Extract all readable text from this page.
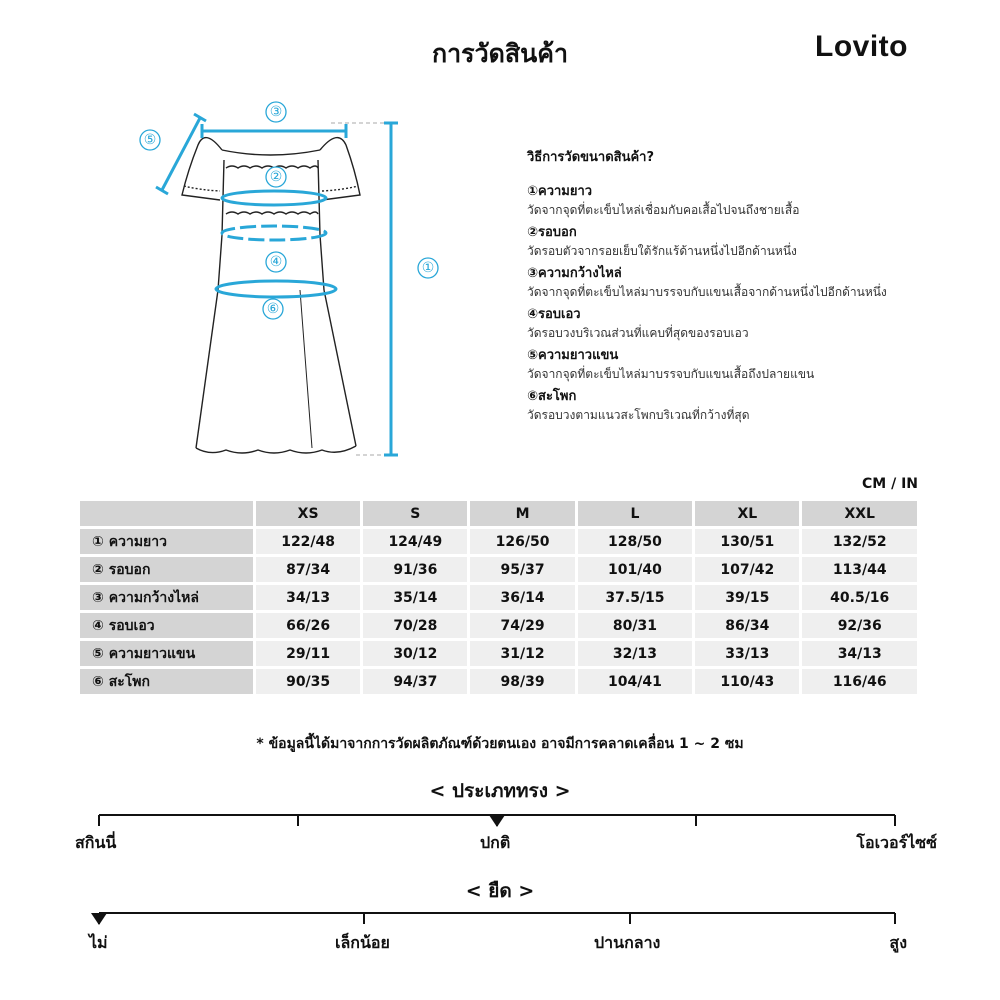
การวัดสินค้า	Lovito
①
②
③
④
⑤
⑥
วิธีการวัดขนาดสินค้า?
①ความยาว
วัดจากจุดที่ตะเข็บไหล่เชื่อมกับคอเสื้อไปจนถึงชายเสื้อ
②รอบอก
วัดรอบตัวจากรอยเย็บใต้รักแร้ด้านหนึ่งไปอีกด้านหนึ่ง
③ความกว้างไหล่
วัดจากจุดที่ตะเข็บไหล่มาบรรจบกับแขนเสื้อจากด้านหนึ่งไปอีกด้านหนึ่ง
④รอบเอว
วัดรอบวงบริเวณส่วนที่แคบที่สุดของรอบเอว
⑤ความยาวแขน
วัดจากจุดที่ตะเข็บไหล่มาบรรจบกับแขนเสื้อถึงปลายแขน
⑥สะโพก
วัดรอบวงตามแนวสะโพกบริเวณที่กว้างที่สุด
CM / IN
	XS	S	M	L	XL	XXL
① ความยาว	122/48	124/49	126/50	128/50	130/51	132/52
② รอบอก	87/34	91/36	95/37	101/40	107/42	113/44
③ ความกว้างไหล่	34/13	35/14	36/14	37.5/15	39/15	40.5/16
④ รอบเอว	66/26	70/28	74/29	80/31	86/34	92/36
⑤ ความยาวแขน	29/11	30/12	31/12	32/13	33/13	34/13
⑥ สะโพก	90/35	94/37	98/39	104/41	110/43	116/46
* ข้อมูลนี้ได้มาจากการวัดผลิตภัณฑ์ด้วยตนเอง อาจมีการคลาดเคลื่อน 1 ~ 2 ซม
< ประเภททรง >
สกินนี่	ปกติ	โอเวอร์ไซซ์
< ยืด >
ไม่	เล็กน้อย	ปานกลาง	สูง
